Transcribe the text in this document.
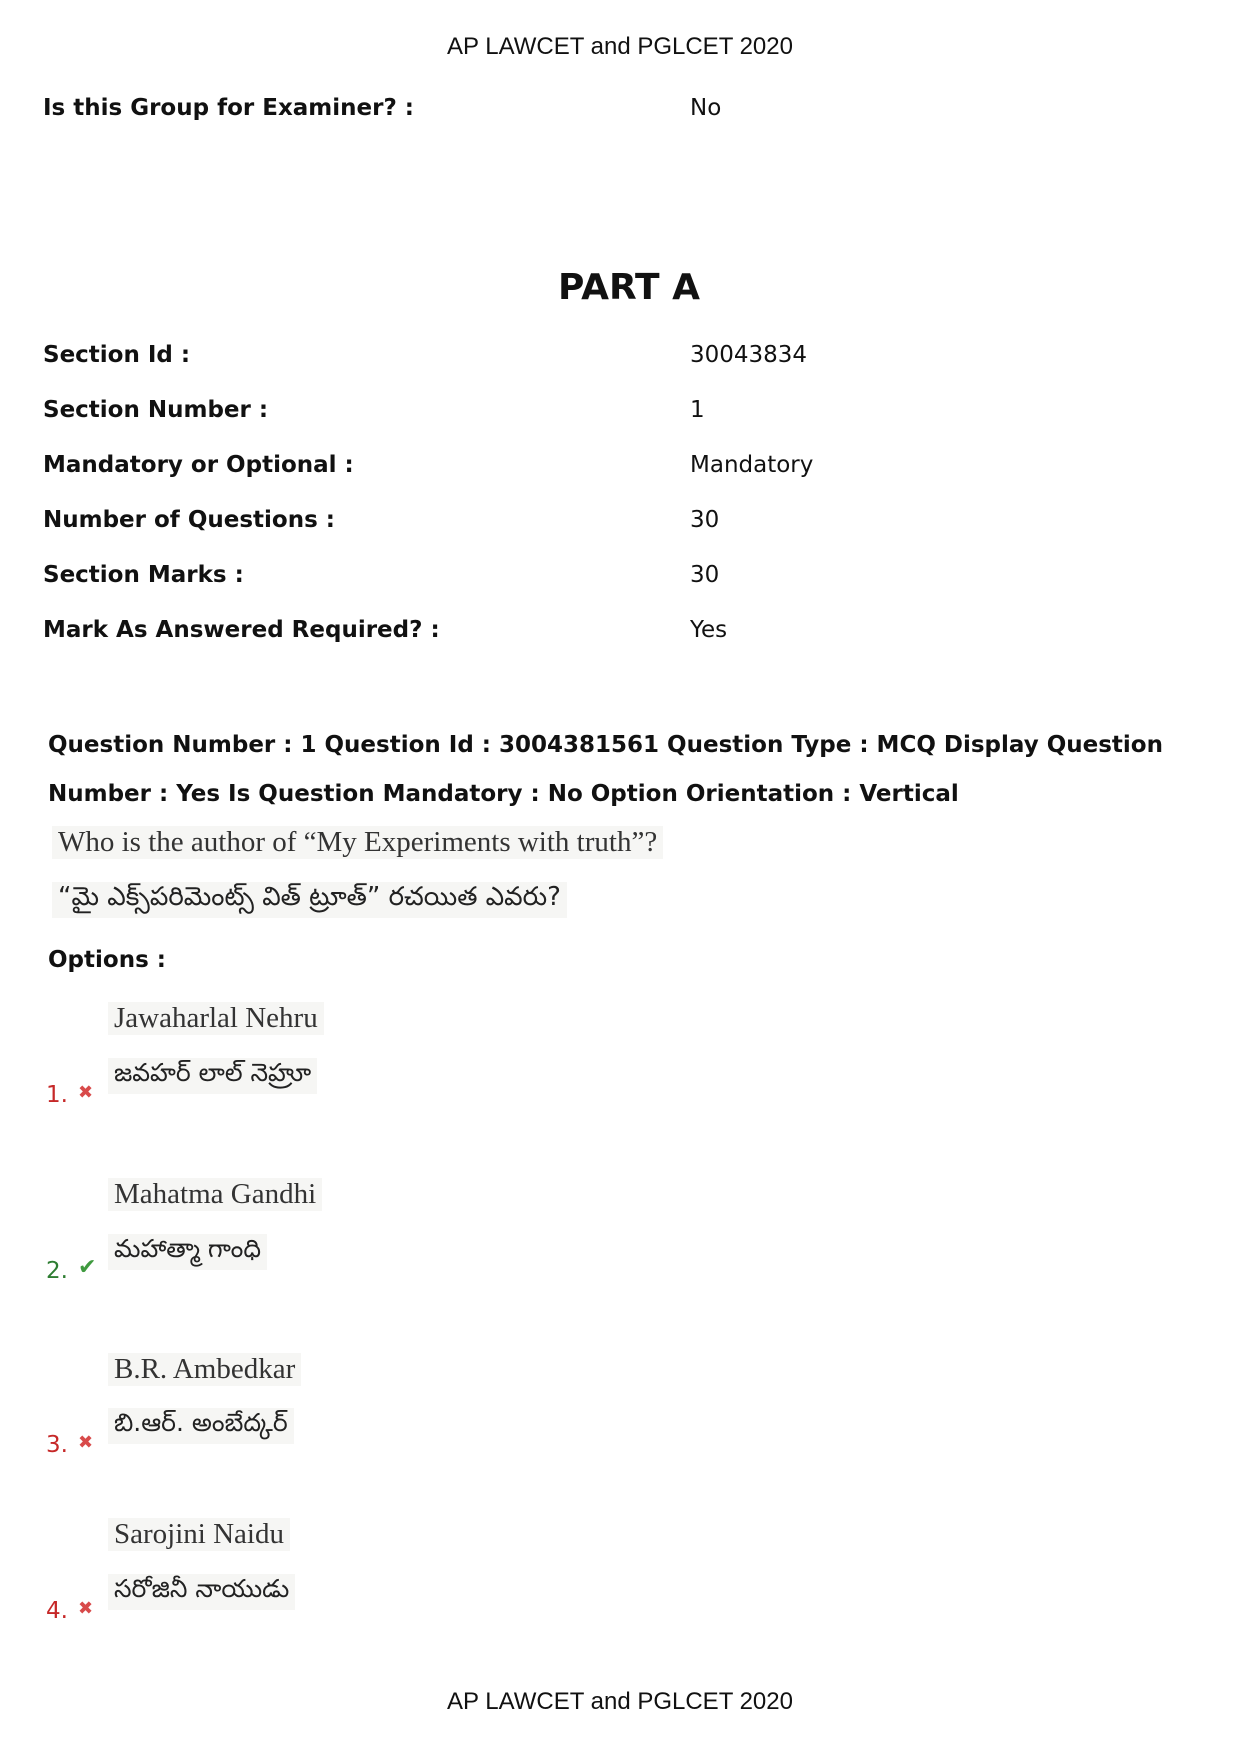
AP LAWCET and PGLCET 2020
Is this Group for Examiner? :	No
PART A
Section Id :	30043834
Section Number :	1
Mandatory or Optional :	Mandatory
Number of Questions :	30
Section Marks :	30
Mark As Answered Required? :	Yes
Question Number : 1 Question Id : 3004381561 Question Type : MCQ Display Question
Number : Yes Is Question Mandatory : No Option Orientation : Vertical
Who is the author of “My Experiments with truth”?
“మై ఎక్స్‌పరిమెంట్స్ విత్ ట్రూత్” రచయిత ఎవరు?
Options :
Jawaharlal Nehru
జవహర్ లాల్ నెహ్రూ
1. ✖
Mahatma Gandhi
మహాత్మా గాంధి
2. ✔
B.R. Ambedkar
బి.ఆర్. అంబేద్కర్
3. ✖
Sarojini Naidu
సరోజినీ నాయుడు
4. ✖
AP LAWCET and PGLCET 2020
